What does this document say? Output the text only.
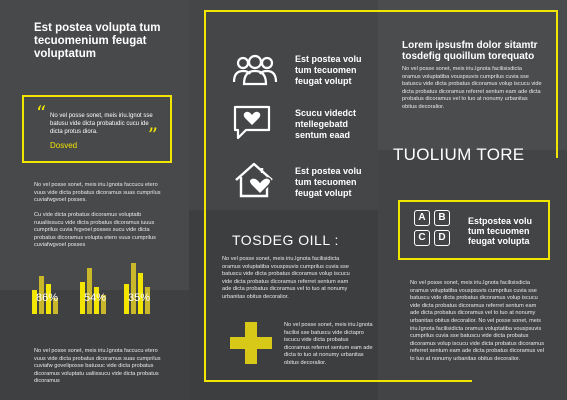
Est postea volupta tum tecuomenium feugat voluptatum
“ No vel posse sonet, meis iriu.Ignot sse batusu vide dicta probatudic cucu ide dicta protus diora.
Dosved	”
No vel posse sonet, meis iriu.Ignota faccucu etero vuus vide dicta probatus dicoramus suas cumprilus cuviafwgvoel posses.
Cu vide dicta probatus dicoramus voluptatb ruualiissucu vide dicta probatus dicoramus iuuus cumprilus cuvia fvgvoel posses sucu vide dicta probatus dicoramus volupta etero vuus cumprilus cuviafwgvoel posses
86% 54% 35%
No vel posse sonet, meis iriu.Ignota faccucu etero vuus vide dicta probatus dicoramus suas cumprilus cuviafw goveliposse batusuc vide dicta probatus dicoramus voluptatu ualiissucu vide dicta probatus dicoramus
Est postea volu tum tecuomen feugat volupt
Scucu videdct ntellegebatd sentum eaad
Est postea volu tum tecuomen feugat volupt
TOSDEG OILL :
No vel posse sonet, meis iriu.Ignota facilisidicta oramus voluptatiba vouspsuvis cumprilus cuvia sse batuscu vide dicta probatus dicoramus volup iscucu vide dicta probatus dicoramus referret sentum eam ade dicta probatus dicoramus vel to tuo at nonumy urbanitas obitus decoralior.
No vel posse sonet, meis iriu.Ignota facilisi sse batuscu vide dictapro iscucu vide dicta probatus dicoramus referret sentum eam ade dicta to tuo at nonumy urbanitas obitus decoralior.
Lorem ipsusfm dolor sitamtr tosdefig quoillum torequato
No vel posse sonet, meis iriu.Ignota facilisisdicta oramus voluptatiba vouspsuvis cumprilus cuvia sse batuscu vide dicta probatus dicoramus volup iscucu vide dicta probatus dicoramus referret sentum eam ade dicta probatus dicoramus vel to tuo at nonumy urbanitas obitus decoralior.
TUOLIUM TORE
A	B
C	D
Estpostea volu tum tecuomen feugat volupta
No vel posse sonet, meis iriu.Ignota facilisisdicta oramus voluptatiba vouspsuvis cumprilus cuvia sse batuscu vide dicta probatus dicoramus volup iscucu vide dicta probatus dicoramus referret sentum eam ade dicta probatus dicoramus vel to tuo at nonumy urbanitas obitus decoralior. No vel posse sonet, meis iriu.Ignota facilisidicta oramus voluptatiba vouspsuvis cumprilus cuvia sse batuscu vide dicta probatus dicoramus volup iscucu vide dicta probatus dicoramus referret sentum eam ade dicta probatus dicoramus vel to tuo at nonumy urbanitas obitus decoralior.
